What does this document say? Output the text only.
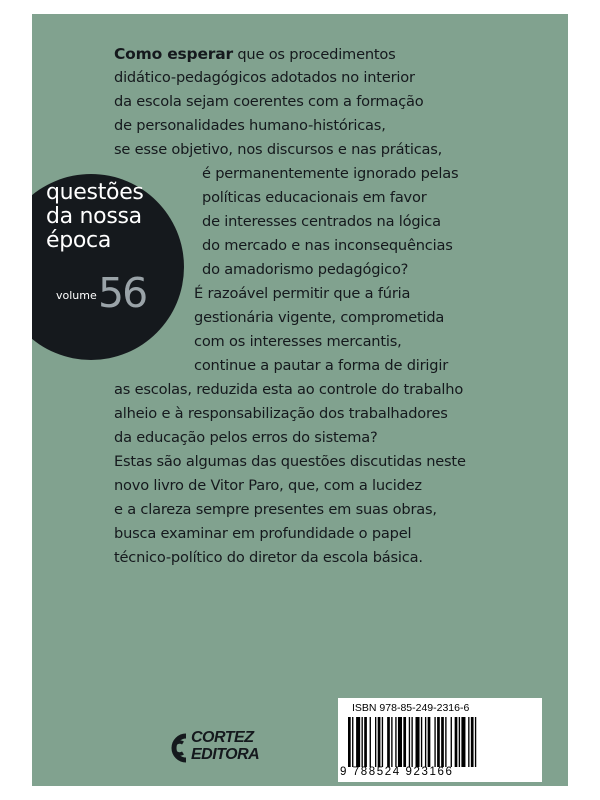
questões
da nossa
época
volume 56
Como esperar que os procedimentos
didático-pedagógicos adotados no interior
da escola sejam coerentes com a formação
de personalidades humano-históricas,
se esse objetivo, nos discursos e nas práticas,
é permanentemente ignorado pelas
políticas educacionais em favor
de interesses centrados na lógica
do mercado e nas inconsequências
do amadorismo pedagógico?
É razoável permitir que a fúria
gestionária vigente, comprometida
com os interesses mercantis,
continue a pautar a forma de dirigir
as escolas, reduzida esta ao controle do trabalho
alheio e à responsabilização dos trabalhadores
da educação pelos erros do sistema?
Estas são algumas das questões discutidas neste
novo livro de Vitor Paro, que, com a lucidez
e a clareza sempre presentes em suas obras,
busca examinar em profundidade o papel
técnico-político do diretor da escola básica.
CORTEZ
EDITORA
ISBN 978-85-249-2316-6
9 788524 923166
